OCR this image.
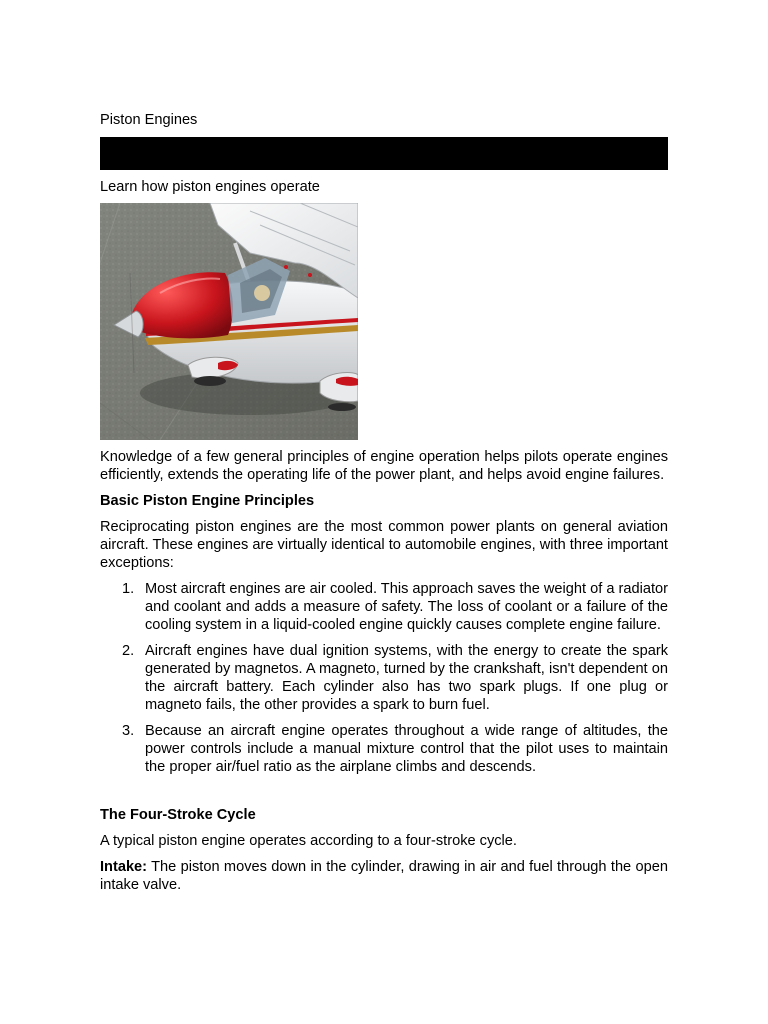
Piston Engines
Learn how piston engines operate

Knowledge of a few general principles of engine operation helps pilots operate engines efficiently, extends the operating life of the power plant, and helps avoid engine failures.

Basic Piston Engine Principles

Reciprocating piston engines are the most common power plants on general aviation aircraft. These engines are virtually identical to automobile engines, with three important exceptions:

1. Most aircraft engines are air cooled. This approach saves the weight of a radiator and coolant and adds a measure of safety. The loss of coolant or a failure of the cooling system in a liquid-cooled engine quickly causes complete engine failure.
2. Aircraft engines have dual ignition systems, with the energy to create the spark generated by magnetos. A magneto, turned by the crankshaft, isn't dependent on the aircraft battery. Each cylinder also has two spark plugs. If one plug or magneto fails, the other provides a spark to burn fuel.
3. Because an aircraft engine operates throughout a wide range of altitudes, the power controls include a manual mixture control that the pilot uses to maintain the proper air/fuel ratio as the airplane climbs and descends.
The Four-Stroke Cycle

A typical piston engine operates according to a four-stroke cycle.

Intake: The piston moves down in the cylinder, drawing in air and fuel through the open intake valve.
